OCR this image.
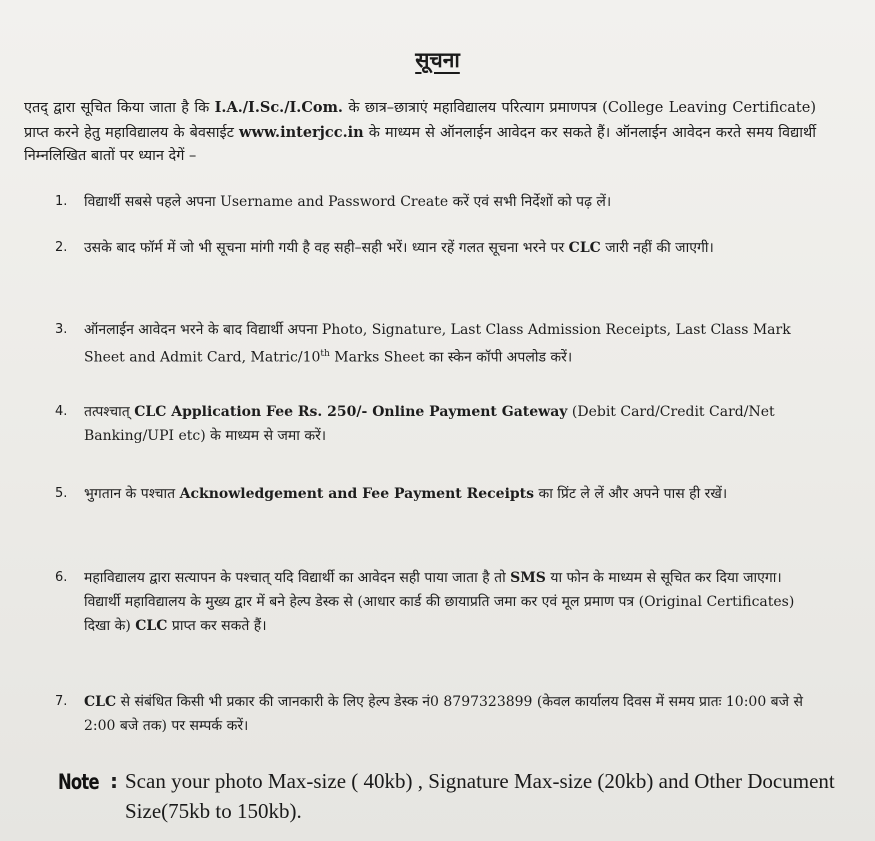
सूचना
एतद् द्वारा सूचित किया जाता है कि I.A./I.Sc./I.Com. के छात्र–छात्राएं महाविद्यालय परित्याग प्रमाणपत्र (College Leaving Certificate) प्राप्त करने हेतु महाविद्यालय के बेवसाईट www.interjcc.in के माध्यम से ऑनलाईन आवेदन कर सकते हैं। ऑनलाईन आवेदन करते समय विद्यार्थी निम्नलिखित बातों पर ध्यान देगें –
1. विद्यार्थी सबसे पहले अपना Username and Password Create करें एवं सभी निर्देशों को पढ़ लें।
2. उसके बाद फॉर्म में जो भी सूचना मांगी गयी है वह सही–सही भरें। ध्यान रहें गलत सूचना भरने पर CLC जारी नहीं की जाएगी।
3. ऑनलाईन आवेदन भरने के बाद विद्यार्थी अपना Photo, Signature, Last Class Admission Receipts, Last Class Mark Sheet and Admit Card, Matric/10th Marks Sheet का स्केन कॉपी अपलोड करें।
4. तत्पश्चात् CLC Application Fee Rs. 250/- Online Payment Gateway (Debit Card/Credit Card/Net Banking/UPI etc) के माध्यम से जमा करें।
5. भुगतान के पश्चात Acknowledgement and Fee Payment Receipts का प्रिंट ले लें और अपने पास ही रखें।
6. महाविद्यालय द्वारा सत्यापन के पश्चात् यदि विद्यार्थी का आवेदन सही पाया जाता है तो SMS या फोन के माध्यम से सूचित कर दिया जाएगा। विद्यार्थी महाविद्यालय के मुख्य द्वार में बने हेल्प डेस्क से (आधार कार्ड की छायाप्रति जमा कर एवं मूल प्रमाण पत्र (Original Certificates) दिखा के) CLC प्राप्त कर सकते हैं।
7. CLC से संबंधित किसी भी प्रकार की जानकारी के लिए हेल्प डेस्क नं0 8797323899 (केवल कार्यालय दिवस में समय प्रातः 10:00 बजे से 2:00 बजे तक) पर सम्पर्क करें।
Note : Scan your photo Max-size ( 40kb) , Signature Max-size (20kb) and Other Document Size(75kb to 150kb).
